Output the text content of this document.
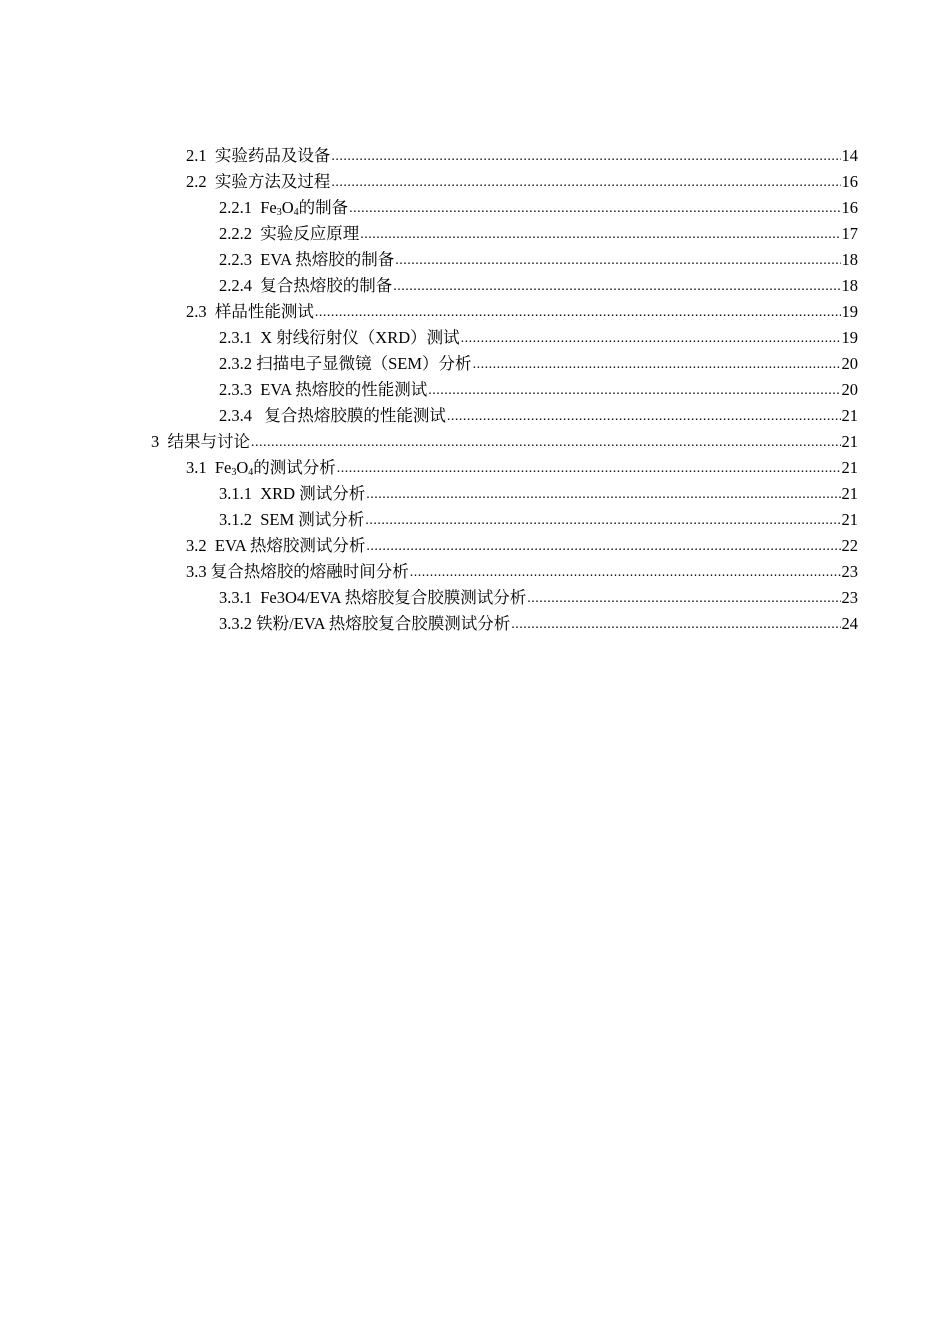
2.1 实验药品及设备 .....	14
2.2 实验方法及过程 .....	16
2.2.1 $Fe_3O_4$的制备 .....	16
2.2.2 实验反应原理 .....	17
2.2.3 EVA 热熔胶的制备 .....	18
2.2.4 复合热熔胶的制备 .....	18
2.3 样品性能测试 .....	19
2.3.1 X 射线衍射仪（XRD）测试 .....	19
2.3.2 扫描电子显微镜（SEM）分析 .....	20
2.3.3 EVA 热熔胶的性能测试 .....	20
2.3.4 复合热熔胶膜的性能测试 .....	21
3 结果与讨论 .....	21
3.1 $Fe_3O_4$的测试分析 .....	21
3.1.1 XRD 测试分析 .....	21
3.1.2 SEM 测试分析 .....	21
3.2 EVA 热熔胶测试分析 .....	22
3.3 复合热熔胶的熔融时间分析 .....	23
3.3.1 Fe3O4/EVA 热熔胶复合胶膜测试分析 .....	23
3.3.2 铁粉/EVA 热熔胶复合胶膜测试分析 .....	24
